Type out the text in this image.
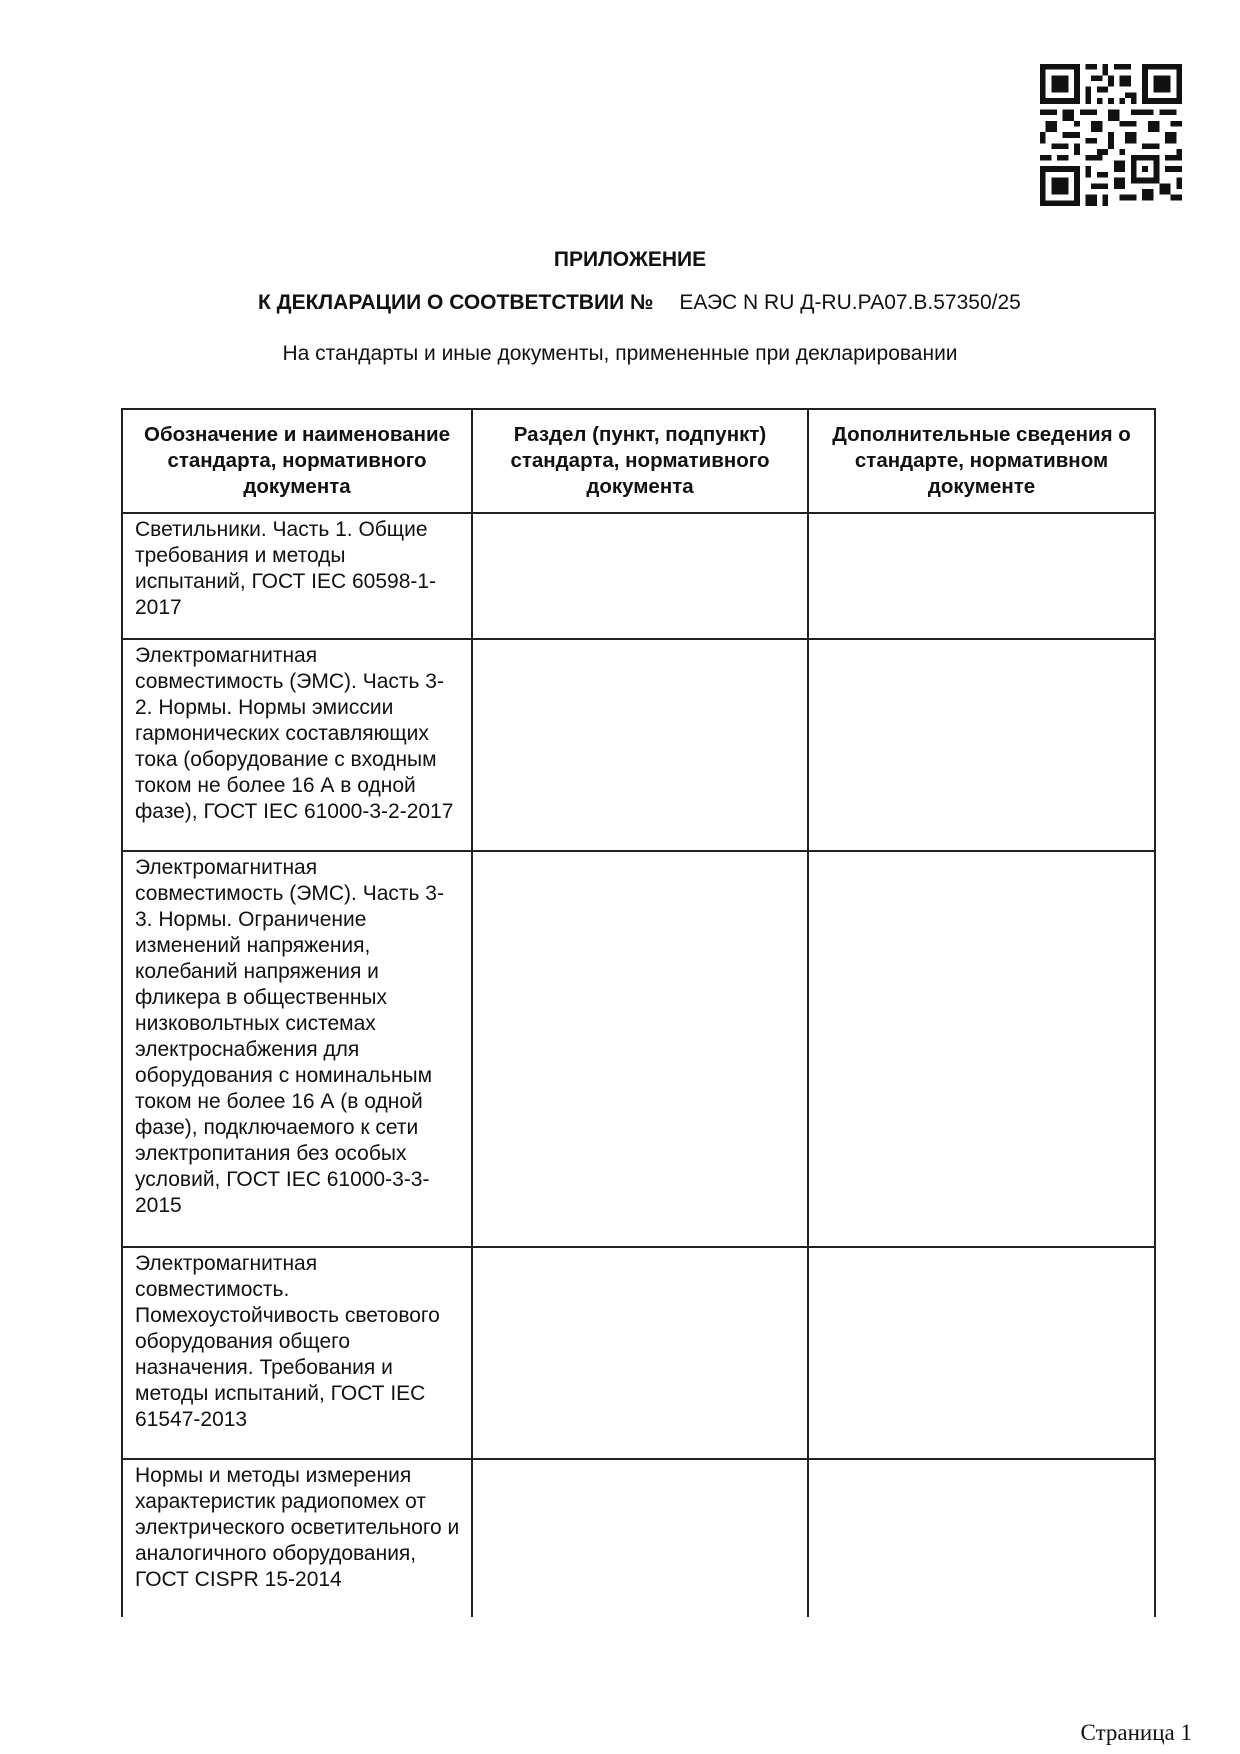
ПРИЛОЖЕНИЕ
К ДЕКЛАРАЦИИ О СООТВЕТСТВИИ № ЕАЭС N RU Д-RU.РА07.В.57350/25
На стандарты и иные документы, примененные при декларировании
Обозначение и наименование стандарта, нормативного документа	Раздел (пункт, подпункт) стандарта, нормативного документа	Дополнительные сведения о стандарте, нормативном документе
Светильники. Часть 1. Общие требования и методы испытаний, ГОСТ IEC 60598-1-2017		
Электромагнитная совместимость (ЭМС). Часть 3-2. Нормы. Нормы эмиссии гармонических составляющих тока (оборудование с входным током не более 16 А в одной фазе), ГОСТ IEC 61000-3-2-2017		
Электромагнитная совместимость (ЭМС). Часть 3-3. Нормы. Ограничение изменений напряжения, колебаний напряжения и фликера в общественных низковольтных системах электроснабжения для оборудования с номинальным током не более 16 А (в одной фазе), подключаемого к сети электропитания без особых условий, ГОСТ IEC 61000-3-3-2015		
Электромагнитная совместимость. Помехоустойчивость светового оборудования общего назначения. Требования и методы испытаний, ГОСТ IEC 61547-2013		
Нормы и методы измерения характеристик радиопомех от электрического осветительного и аналогичного оборудования, ГОСТ CISPR 15-2014		
Страница 1
